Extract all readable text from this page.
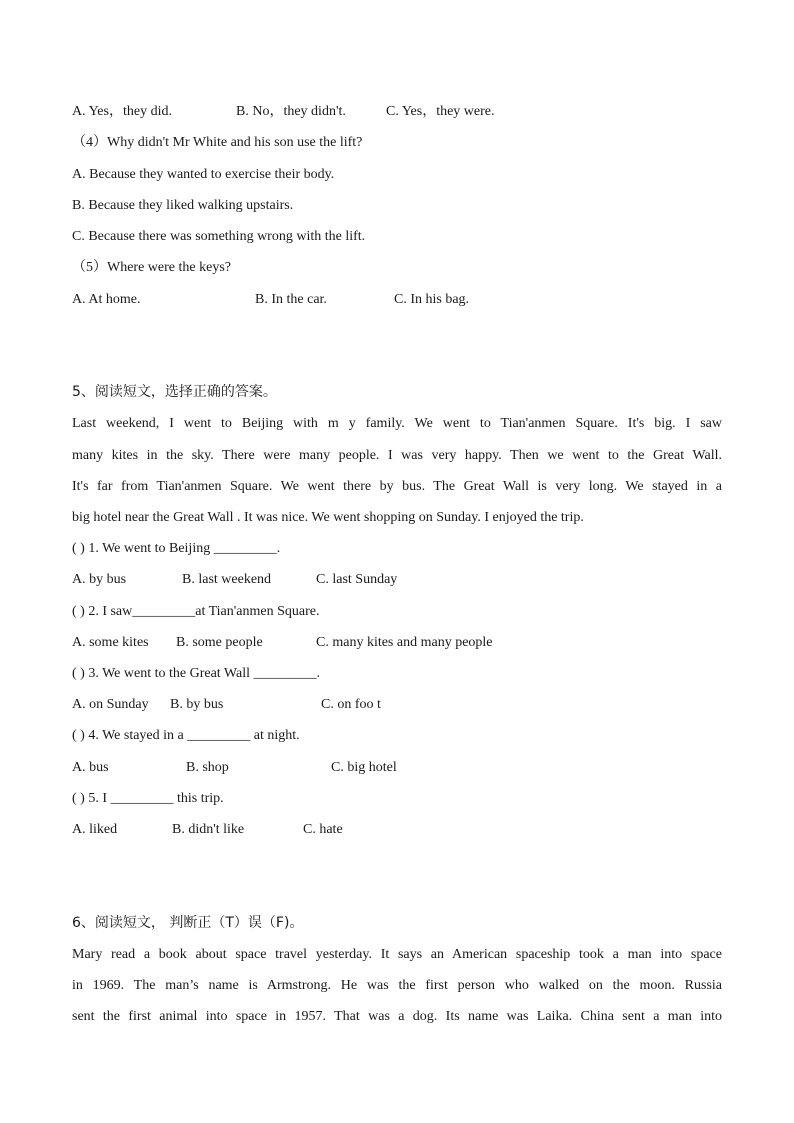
A. Yes，they did.	B. No，they didn't.	C. Yes，they were.
（4）Why didn't Mr White and his son use the lift?
A. Because they wanted to exercise their body.
B. Because they liked walking upstairs.
C. Because there was something wrong with the lift.
（5）Where were the keys?
A. At home.	B. In the car.	C. In his bag.
5、阅读短文，选择正确的答案。
Last weekend, I went to Beijing with m y family. We went to Tian'anmen Square. It's big. I saw
many kites in the sky. There were many people. I was very happy. Then we went to the Great Wall.
It's far from Tian'anmen Square. We went there by bus. The Great Wall is very long. We stayed in a
big hotel near the Great Wall . It was nice. We went shopping on Sunday. I enjoyed the trip.
( ) 1. We went to Beijing _________.
A. by bus	B. last weekend	C. last Sunday
( ) 2. I saw_________at Tian'anmen Square.
A. some kites B. some people	C. many kites and many people
( ) 3. We went to the Great Wall _________.
A. on Sunday B. by bus	C. on foo t
( ) 4. We stayed in a _________ at night.
A. bus	B. shop	C. big hotel
( ) 5. I _________ this trip.
A. liked	B. didn't like	C. hate
6、阅读短文， 判断正（T）误（F)。
Mary read a book about space travel yesterday. It says an American spaceship took a man into space
in 1969. The man’s name is Armstrong. He was the first person who walked on the moon. Russia
sent the first animal into space in 1957. That was a dog. Its name was Laika. China sent a man into
